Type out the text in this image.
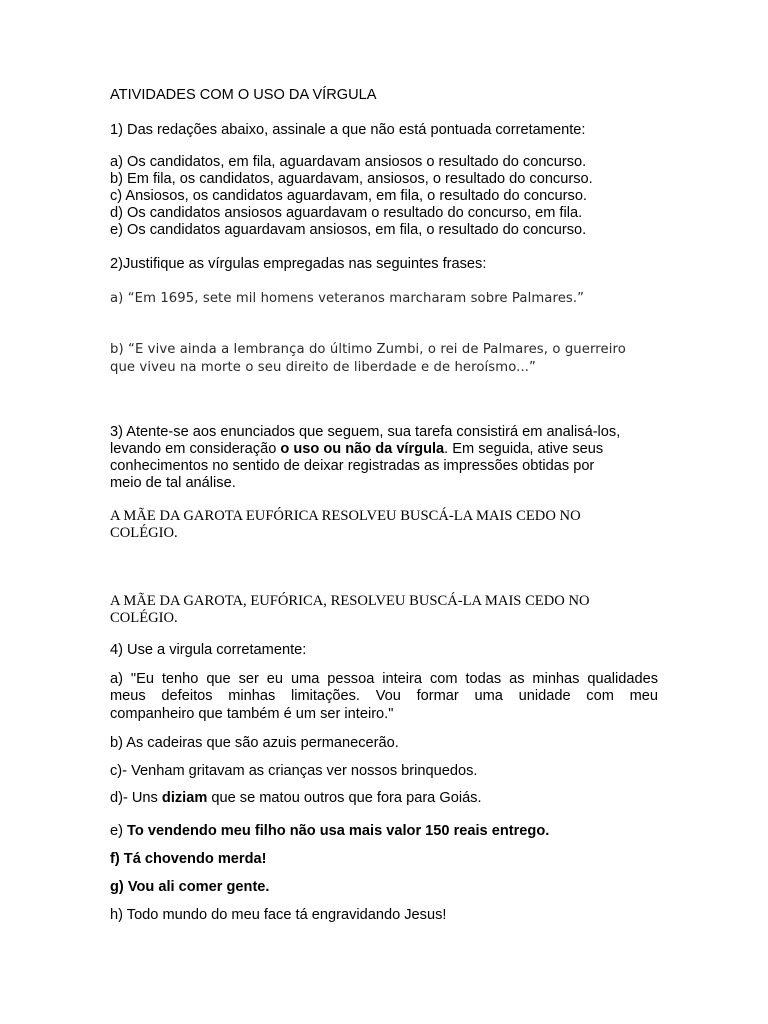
ATIVIDADES COM O USO DA VÍRGULA
1) Das redações abaixo, assinale a que não está pontuada corretamente:
a) Os candidatos, em fila, aguardavam ansiosos o resultado do concurso.
b) Em fila, os candidatos, aguardavam, ansiosos, o resultado do concurso.
c) Ansiosos, os candidatos aguardavam, em fila, o resultado do concurso.
d) Os candidatos ansiosos aguardavam o resultado do concurso, em fila.
e) Os candidatos aguardavam ansiosos, em fila, o resultado do concurso.
2)Justifique as vírgulas empregadas nas seguintes frases:
a) “Em 1695, sete mil homens veteranos marcharam sobre Palmares.”
b) “E vive ainda a lembrança do último Zumbi, o rei de Palmares, o guerreiro
que viveu na morte o seu direito de liberdade e de heroísmo...”
3) Atente-se aos enunciados que seguem, sua tarefa consistirá em analisá-los,
levando em consideração o uso ou não da vírgula. Em seguida, ative seus
conhecimentos no sentido de deixar registradas as impressões obtidas por
meio de tal análise.
A MÃE DA GAROTA EUFÓRICA RESOLVEU BUSCÁ-LA MAIS CEDO NO
COLÉGIO.
A MÃE DA GAROTA, EUFÓRICA, RESOLVEU BUSCÁ-LA MAIS CEDO NO
COLÉGIO.
4) Use a virgula corretamente:
a) "Eu tenho que ser eu uma pessoa inteira com todas as minhas qualidades
meus defeitos minhas limitações. Vou formar uma unidade com meu
companheiro que também é um ser inteiro."
b) As cadeiras que são azuis permanecerão.
c)- Venham gritavam as crianças ver nossos brinquedos.
d)- Uns diziam que se matou outros que fora para Goiás.
e) To vendendo meu filho não usa mais valor 150 reais entrego.
f) Tá chovendo merda!
g) Vou ali comer gente.
h) Todo mundo do meu face tá engravidando Jesus!
